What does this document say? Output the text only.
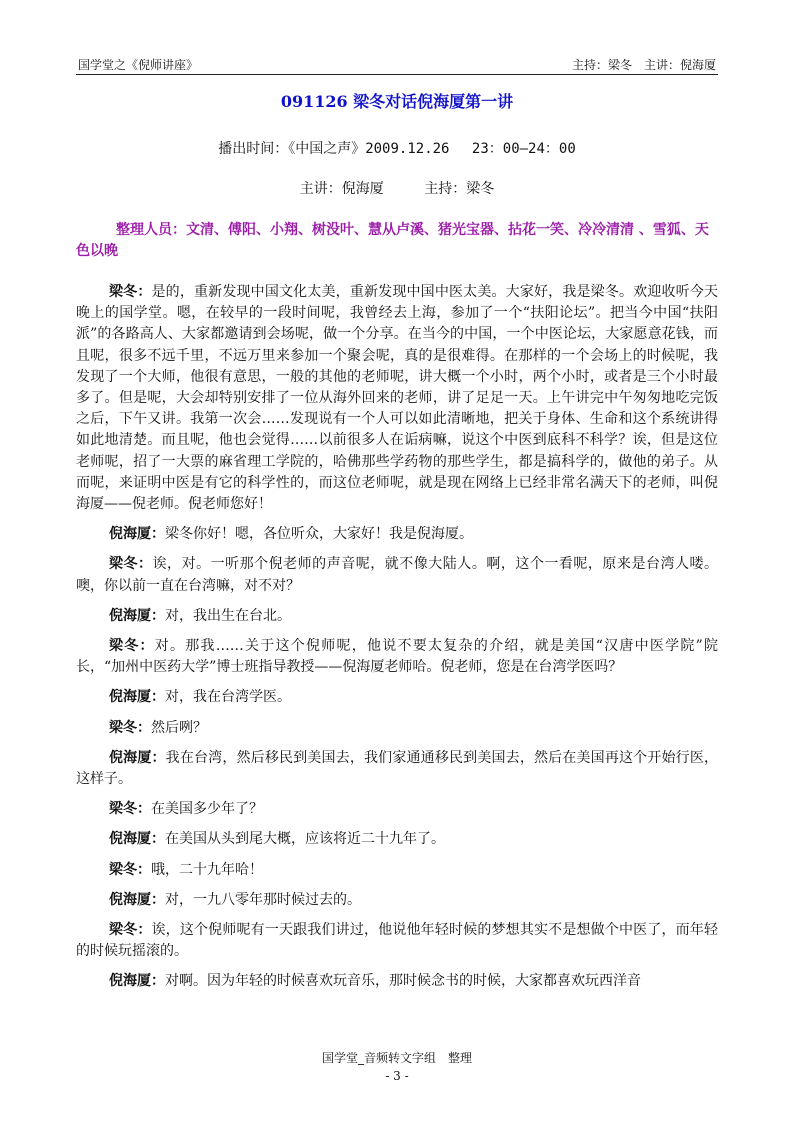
国学堂之《倪师讲座》	主持：梁冬　主讲：倪海厦
091126 梁冬对话倪海厦第一讲
播出时间：《中国之声》2009.12.26　 23：00—24：00
主讲：倪海厦	主持：梁冬
整理人员：文清、傅阳、小翔、树没叶、慧从卢溪、猪光宝器、拈花一笑、冷冷清清 、雪狐、天色以晚

梁冬：是的，重新发现中国文化太美，重新发现中国中医太美。大家好，我是梁冬。欢迎收听今天晚上的国学堂。嗯，在较早的一段时间呢，我曾经去上海，参加了一个“扶阳论坛”。把当今中国“扶阳派”的各路高人、大家都邀请到会场呢，做一个分享。在当今的中国，一个中医论坛，大家愿意花钱，而且呢，很多不远千里，不远万里来参加一个聚会呢，真的是很难得。在那样的一个会场上的时候呢，我发现了一个大师，他很有意思，一般的其他的老师呢，讲大概一个小时，两个小时，或者是三个小时最多了。但是呢，大会却特别安排了一位从海外回来的老师，讲了足足一天。上午讲完中午匆匆地吃完饭之后，下午又讲。我第一次会……发现说有一个人可以如此清晰地，把关于身体、生命和这个系统讲得如此地清楚。而且呢，他也会觉得……以前很多人在诟病嘛，说这个中医到底科不科学？诶，但是这位老师呢，招了一大票的麻省理工学院的，哈佛那些学药物的那些学生，都是搞科学的，做他的弟子。从而呢，来证明中医是有它的科学性的，而这位老师呢，就是现在网络上已经非常名满天下的老师，叫倪海厦——倪老师。倪老师您好！

倪海厦：梁冬你好！嗯，各位听众，大家好！我是倪海厦。

梁冬：诶，对。一听那个倪老师的声音呢，就不像大陆人。啊，这个一看呢，原来是台湾人喽。噢，你以前一直在台湾嘛，对不对？

倪海厦：对，我出生在台北。

梁冬：对。那我……关于这个倪师呢，他说不要太复杂的介绍，就是美国“汉唐中医学院”院长，“加州中医药大学”博士班指导教授——倪海厦老师哈。倪老师，您是在台湾学医吗？

倪海厦：对，我在台湾学医。

梁冬：然后咧？

倪海厦：我在台湾，然后移民到美国去，我们家通通移民到美国去，然后在美国再这个开始行医，这样子。

梁冬：在美国多少年了？

倪海厦：在美国从头到尾大概，应该将近二十九年了。

梁冬：哦，二十九年哈！

倪海厦：对，一九八零年那时候过去的。

梁冬：诶，这个倪师呢有一天跟我们讲过，他说他年轻时候的梦想其实不是想做个中医了，而年轻的时候玩摇滚的。

倪海厦：对啊。因为年轻的时候喜欢玩音乐，那时候念书的时候，大家都喜欢玩西洋音

国学堂_音频转文字组　整理
- 3 -
